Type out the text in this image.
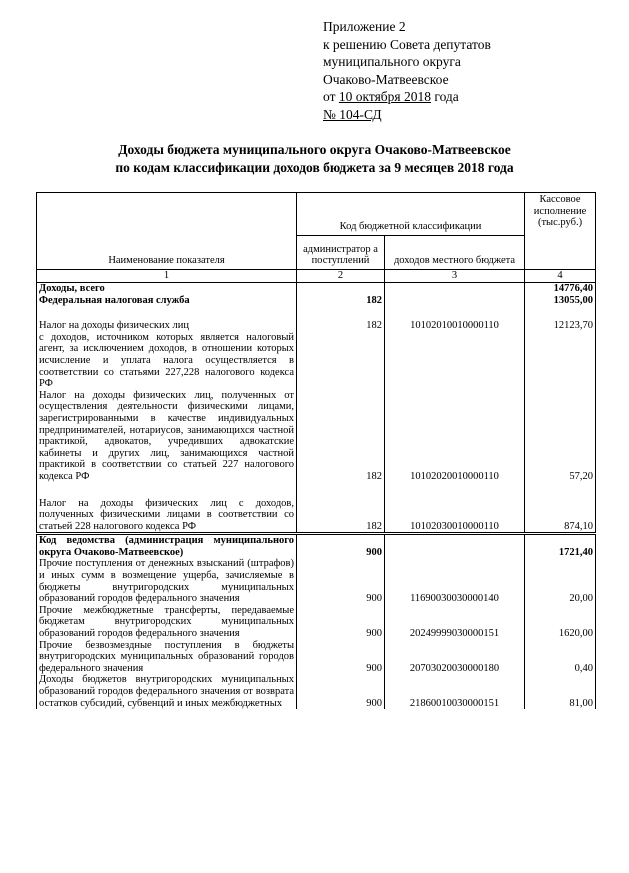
Приложение 2
к решению Совета депутатов
муниципального округа
Очаково-Матвеевское
от 10 октября 2018 года
№ 104-СД
Доходы бюджета муниципального округа Очаково-Матвеевское
по кодам классификации доходов бюджета за 9 месяцев 2018 года
Наименование показателя	Код бюджетной классификации		Кассовое исполнение (тыс.руб.)
	администратор а поступлений	доходов местного бюджета	
1	2	3	4
Доходы, всего			14776,40
Федеральная налоговая служба	182		13055,00

Налог на доходы физических лиц
с доходов, источником которых является налоговый агент, за исключением доходов, в отношении которых исчисление и уплата налога осуществляется в соответствии со статьями 227,228 налогового кодекса РФ	182	10102010010000110	12123,70
Налог на доходы физических лиц, полученных от осуществления деятельности физическими лицами, зарегистрированными в качестве индивидуальных предпринимателей, нотариусов, занимающихся частной практикой, адвокатов, учредивших адвокатские кабинеты и других лиц, занимающихся частной практикой в соответствии со статьей 227 налогового кодекса РФ	182	10102020010000110	57,20
Налог на доходы физических лиц с доходов, полученных физическими лицами в соответствии со статьей 228 налогового кодекса РФ	182	10102030010000110	874,10
Код ведомства (администрация муниципального округа Очаково-Матвеевское)	900		1721,40
Прочие поступления от денежных взысканий (штрафов) и иных сумм в возмещение ущерба, зачисляемые в бюджеты внутригородских муниципальных образований городов федерального значения	900	11690030030000140	20,00
Прочие межбюджетные трансферты, передаваемые бюджетам внутригородских муниципальных образований городов федерального значения	900	20249999030000151	1620,00
Прочие безвозмездные поступления в бюджеты внутригородских муниципальных образований городов федерального значения	900	20703020030000180	0,40
Доходы бюджетов внутригородских муниципальных образований городов федерального значения от возврата остатков субсидий, субвенций и иных межбюджетных	900	21860010030000151	81,00
